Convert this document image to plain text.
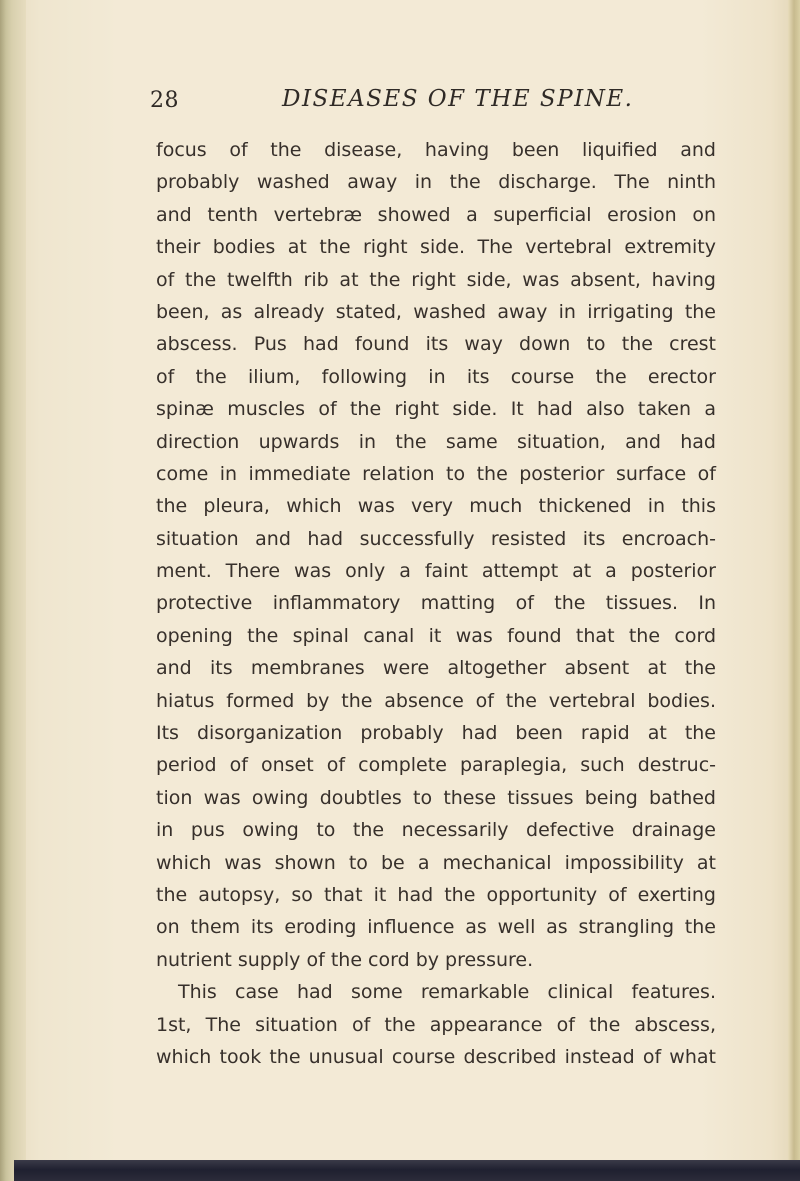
28	DISEASES OF THE SPINE.
focus of the disease, having been liquified and
probably washed away in the discharge. The ninth
and tenth vertebræ showed a superficial erosion on
their bodies at the right side. The vertebral extremity
of the twelfth rib at the right side, was absent, having
been, as already stated, washed away in irrigating the
abscess. Pus had found its way down to the crest
of the ilium, following in its course the erector
spinæ muscles of the right side. It had also taken a
direction upwards in the same situation, and had
come in immediate relation to the posterior surface of
the pleura, which was very much thickened in this
situation and had successfully resisted its encroach-
ment. There was only a faint attempt at a posterior
protective inflammatory matting of the tissues. In
opening the spinal canal it was found that the cord
and its membranes were altogether absent at the
hiatus formed by the absence of the vertebral bodies.
Its disorganization probably had been rapid at the
period of onset of complete paraplegia, such destruc-
tion was owing doubtles to these tissues being bathed
in pus owing to the necessarily defective drainage
which was shown to be a mechanical impossibility at
the autopsy, so that it had the opportunity of exerting
on them its eroding influence as well as strangling the
nutrient supply of the cord by pressure.
This case had some remarkable clinical features.
1st, The situation of the appearance of the abscess,
which took the unusual course described instead of what
